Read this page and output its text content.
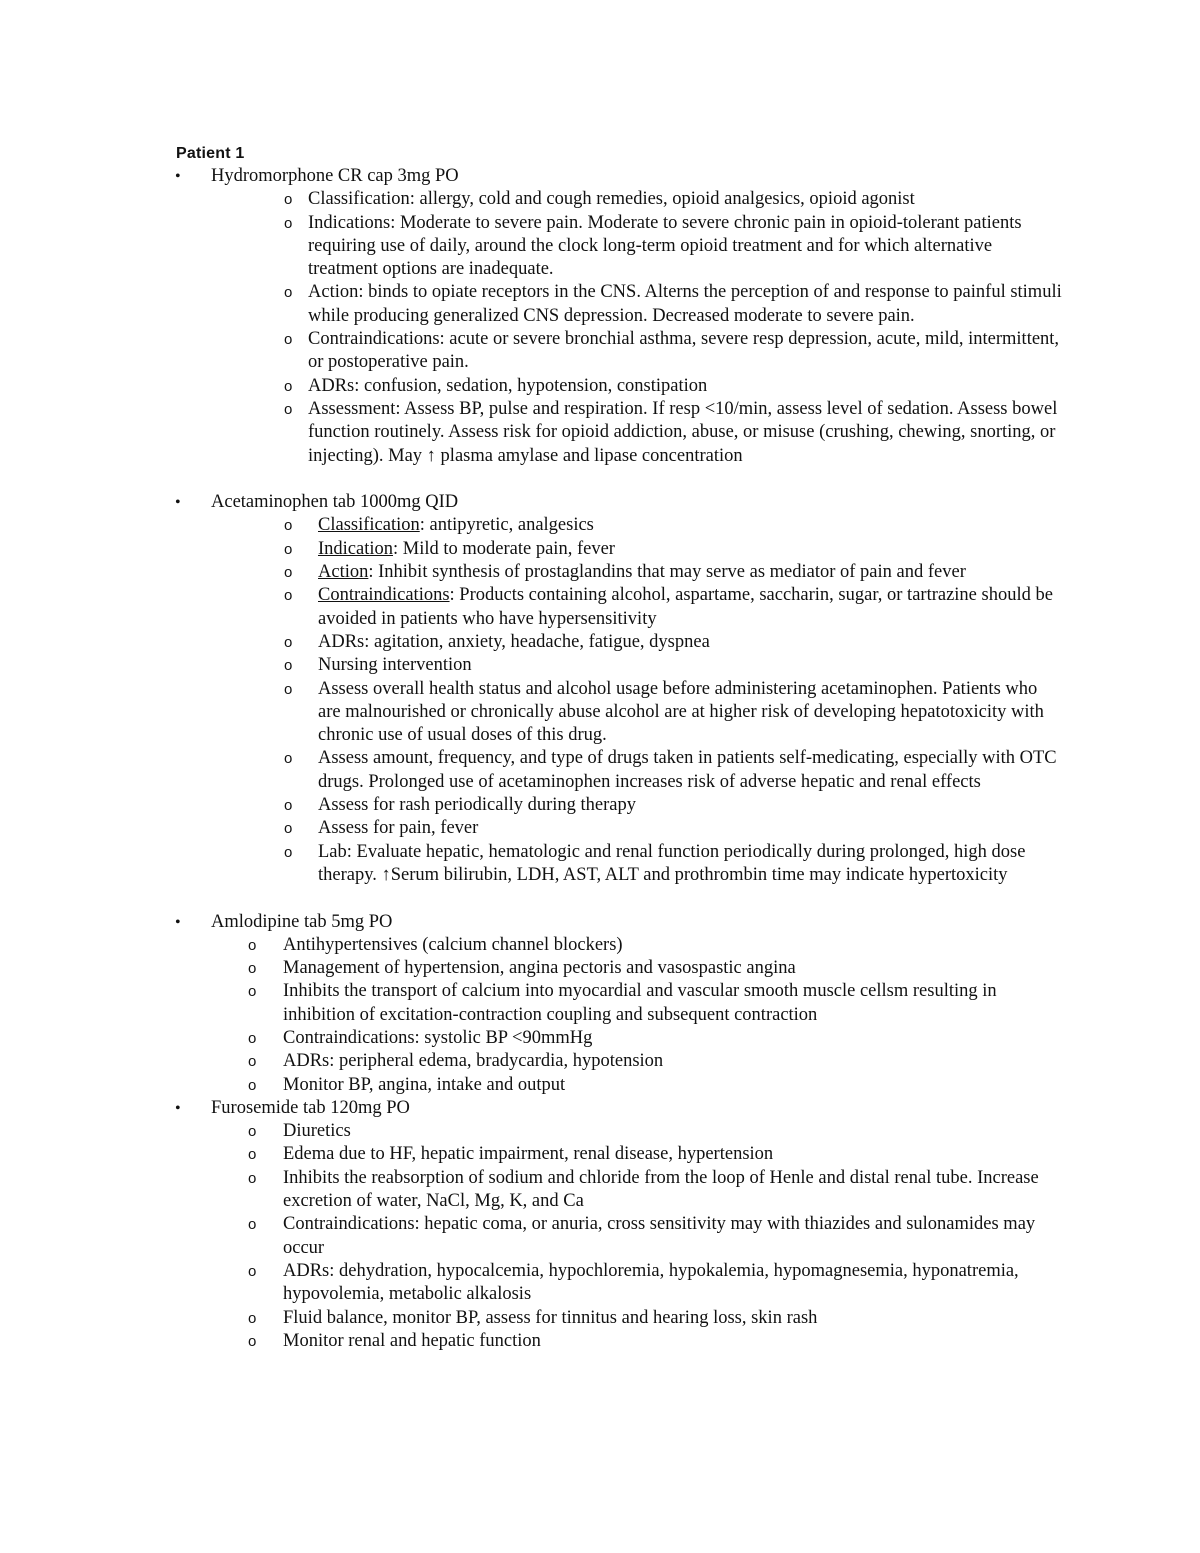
Patient 1
• Hydromorphone CR cap 3mg PO
o Classification: allergy, cold and cough remedies, opioid analgesics, opioid agonist
o Indications: Moderate to severe pain. Moderate to severe chronic pain in opioid-tolerant patients requiring use of daily, around the clock long-term opioid treatment and for which alternative treatment options are inadequate.
o Action: binds to opiate receptors in the CNS. Alterns the perception of and response to painful stimuli while producing generalized CNS depression. Decreased moderate to severe pain.
o Contraindications: acute or severe bronchial asthma, severe resp depression, acute, mild, intermittent, or postoperative pain.
o ADRs: confusion, sedation, hypotension, constipation
o Assessment: Assess BP, pulse and respiration. If resp <10/min, assess level of sedation. Assess bowel function routinely. Assess risk for opioid addiction, abuse, or misuse (crushing, chewing, snorting, or injecting). May ↑ plasma amylase and lipase concentration
• Acetaminophen tab 1000mg QID
o Classification: antipyretic, analgesics
o Indication: Mild to moderate pain, fever
o Action: Inhibit synthesis of prostaglandins that may serve as mediator of pain and fever
o Contraindications: Products containing alcohol, aspartame, saccharin, sugar, or tartrazine should be avoided in patients who have hypersensitivity
o ADRs: agitation, anxiety, headache, fatigue, dyspnea
o Nursing intervention
o Assess overall health status and alcohol usage before administering acetaminophen. Patients who are malnourished or chronically abuse alcohol are at higher risk of developing hepatotoxicity with chronic use of usual doses of this drug.
o Assess amount, frequency, and type of drugs taken in patients self-medicating, especially with OTC drugs. Prolonged use of acetaminophen increases risk of adverse hepatic and renal effects
o Assess for rash periodically during therapy
o Assess for pain, fever
o Lab: Evaluate hepatic, hematologic and renal function periodically during prolonged, high dose therapy. ↑Serum bilirubin, LDH, AST, ALT and prothrombin time may indicate hypertoxicity
• Amlodipine tab 5mg PO
o Antihypertensives (calcium channel blockers)
o Management of hypertension, angina pectoris and vasospastic angina
o Inhibits the transport of calcium into myocardial and vascular smooth muscle cellsm resulting in inhibition of excitation-contraction coupling and subsequent contraction
o Contraindications: systolic BP <90mmHg
o ADRs: peripheral edema, bradycardia, hypotension
o Monitor BP, angina, intake and output
• Furosemide tab 120mg PO
o Diuretics
o Edema due to HF, hepatic impairment, renal disease, hypertension
o Inhibits the reabsorption of sodium and chloride from the loop of Henle and distal renal tube. Increase excretion of water, NaCl, Mg, K, and Ca
o Contraindications: hepatic coma, or anuria, cross sensitivity may with thiazides and sulonamides may occur
o ADRs: dehydration, hypocalcemia, hypochloremia, hypokalemia, hypomagnesemia, hyponatremia, hypovolemia, metabolic alkalosis
o Fluid balance, monitor BP, assess for tinnitus and hearing loss, skin rash
o Monitor renal and hepatic function
